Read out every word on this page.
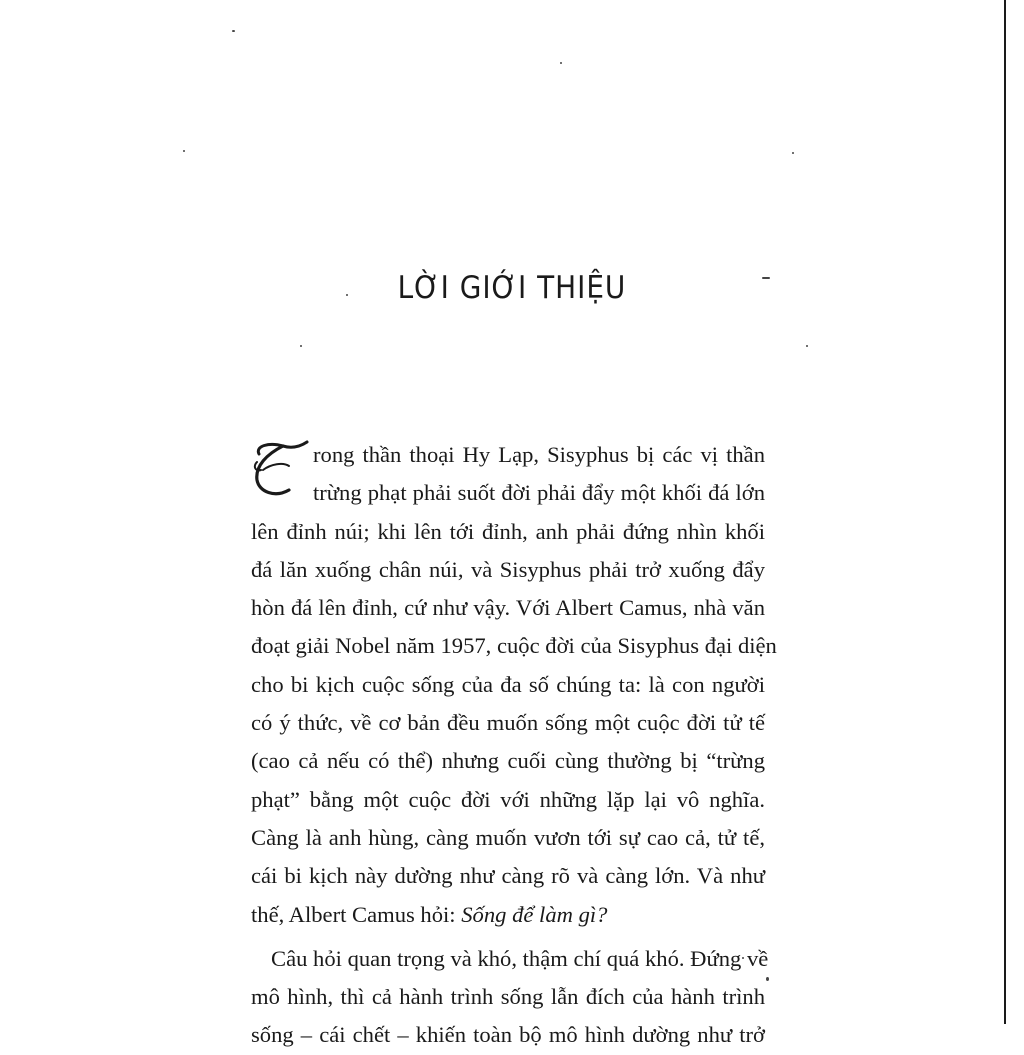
LỜI GIỚI THIỆU

rong thần thoại Hy Lạp, Sisyphus bị các vị thần
trừng phạt phải suốt đời phải đẩy một khối đá lớn
lên đỉnh núi; khi lên tới đỉnh, anh phải đứng nhìn khối
đá lăn xuống chân núi, và Sisyphus phải trở xuống đẩy
hòn đá lên đỉnh, cứ như vậy. Với Albert Camus, nhà văn
đoạt giải Nobel năm 1957, cuộc đời của Sisyphus đại diện
cho bi kịch cuộc sống của đa số chúng ta: là con người
có ý thức, về cơ bản đều muốn sống một cuộc đời tử tế
(cao cả nếu có thể) nhưng cuối cùng thường bị “trừng
phạt” bằng một cuộc đời với những lặp lại vô nghĩa.
Càng là anh hùng, càng muốn vươn tới sự cao cả, tử tế,
cái bi kịch này dường như càng rõ và càng lớn. Và như
thế, Albert Camus hỏi: Sống để làm gì?

Câu hỏi quan trọng và khó, thậm chí quá khó. Đứng về
mô hình, thì cả hành trình sống lẫn đích của hành trình
sống – cái chết – khiến toàn bộ mô hình dường như trở
